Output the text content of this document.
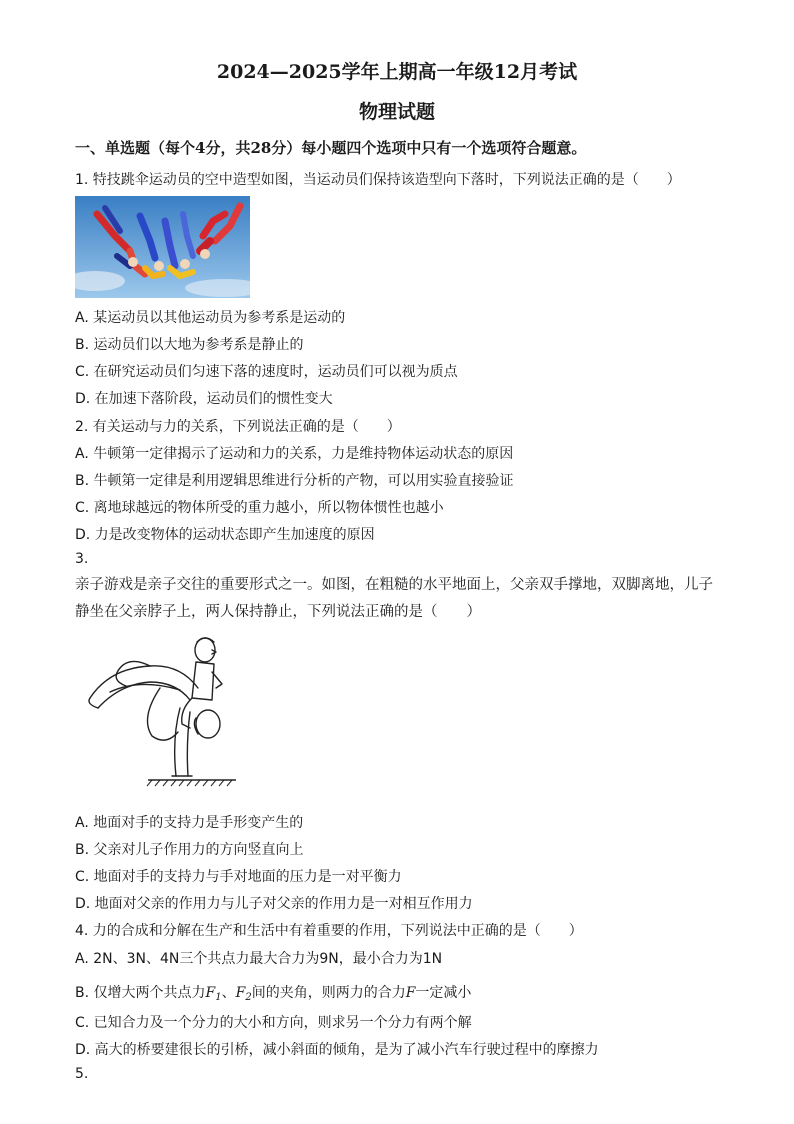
2024—2025学年上期高一年级12月考试
物理试题
一、单选题（每个4分，共28分）每小题四个选项中只有一个选项符合题意。
1. 特技跳伞运动员的空中造型如图，当运动员们保持该造型向下落时，下列说法正确的是（　　）
A. 某运动员以其他运动员为参考系是运动的
B. 运动员们以大地为参考系是静止的
C. 在研究运动员们匀速下落的速度时，运动员们可以视为质点
D. 在加速下落阶段，运动员们的惯性变大
2. 有关运动与力的关系，下列说法正确的是（　　）
A. 牛顿第一定律揭示了运动和力的关系，力是维持物体运动状态的原因
B. 牛顿第一定律是利用逻辑思维进行分析的产物，可以用实验直接验证
C. 离地球越远的物体所受的重力越小，所以物体惯性也越小
D. 力是改变物体的运动状态即产生加速度的原因
3.
亲子游戏是亲子交往的重要形式之一。如图，在粗糙的水平地面上，父亲双手撑地，双脚离地，儿子静坐在父亲脖子上，两人保持静止，下列说法正确的是（　　）
A. 地面对手的支持力是手形变产生的
B. 父亲对儿子作用力的方向竖直向上
C. 地面对手的支持力与手对地面的压力是一对平衡力
D. 地面对父亲的作用力与儿子对父亲的作用力是一对相互作用力
4. 力的合成和分解在生产和生活中有着重要的作用，下列说法中正确的是（　　）
A. 2N、3N、4N三个共点力最大合力为9N，最小合力为1N
B. 仅增大两个共点力$F_1$、$F_2$间的夹角，则两力的合力F一定减小
C. 已知合力及一个分力的大小和方向，则求另一个分力有两个解
D. 高大的桥要建很长的引桥，减小斜面的倾角，是为了减小汽车行驶过程中的摩擦力
5.
